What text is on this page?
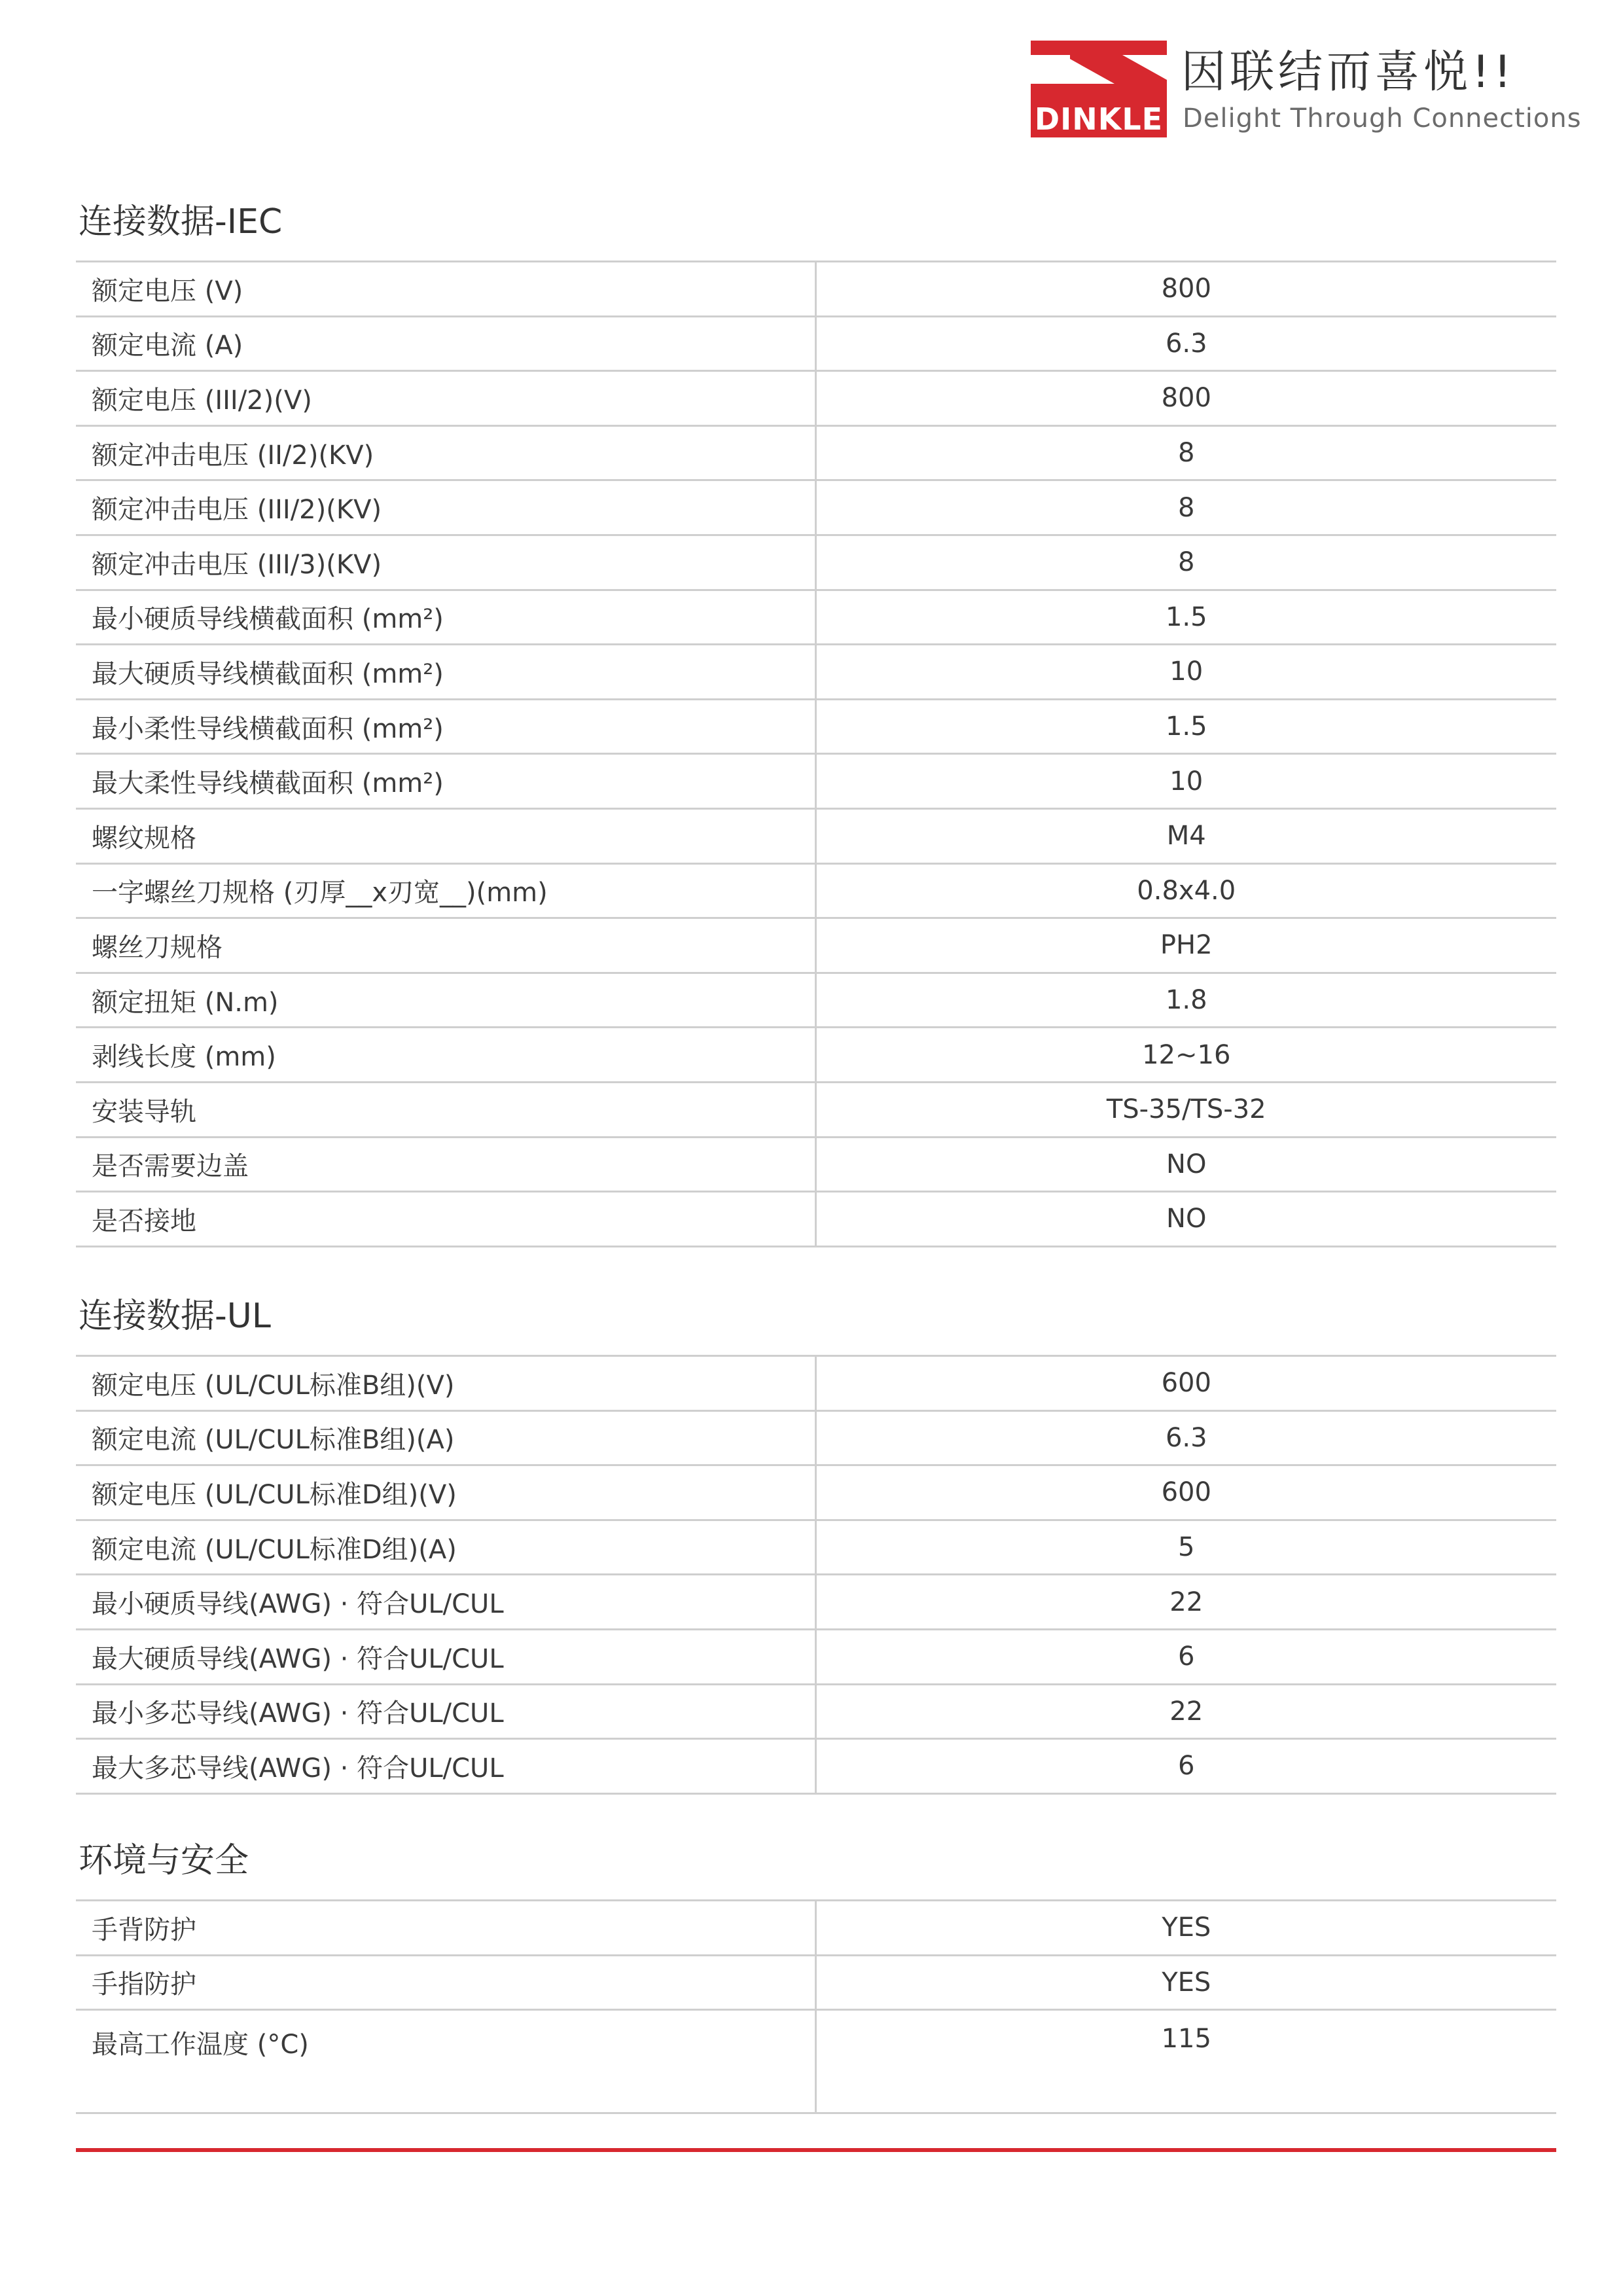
DINKLE
因联结而喜悦!!
Delight Through Connections
连接数据-IEC
额定电压 (V)	800
额定电流 (A)	6.3
额定电压 (III/2)(V)	800
额定冲击电压 (II/2)(KV)	8
额定冲击电压 (III/2)(KV)	8
额定冲击电压 (III/3)(KV)	8
最小硬质导线横截面积 (mm²)	1.5
最大硬质导线横截面积 (mm²)	10
最小柔性导线横截面积 (mm²)	1.5
最大柔性导线横截面积 (mm²)	10
螺纹规格	M4
一字螺丝刀规格 (刃厚__x刃宽__)(mm)	0.8x4.0
螺丝刀规格	PH2
额定扭矩 (N.m)	1.8
剥线长度 (mm)	12~16
安装导轨	TS-35/TS-32
是否需要边盖	NO
是否接地	NO
连接数据-UL
额定电压 (UL/CUL标准B组)(V)	600
额定电流 (UL/CUL标准B组)(A)	6.3
额定电压 (UL/CUL标准D组)(V)	600
额定电流 (UL/CUL标准D组)(A)	5
最小硬质导线(AWG) · 符合UL/CUL	22
最大硬质导线(AWG) · 符合UL/CUL	6
最小多芯导线(AWG) · 符合UL/CUL	22
最大多芯导线(AWG) · 符合UL/CUL	6
环境与安全
手背防护	YES
手指防护	YES
最高工作温度 (°C)	115
